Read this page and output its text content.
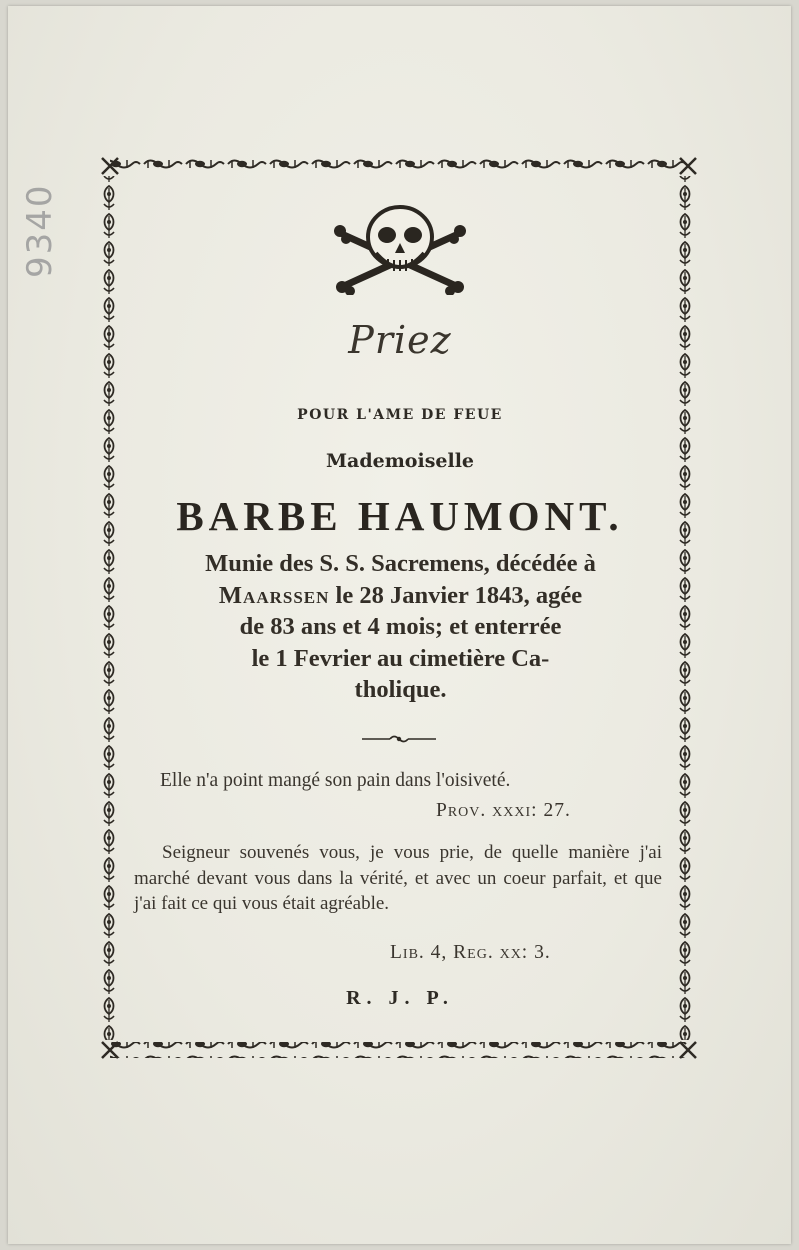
9340
Priez
POUR L'AME DE FEUE
Mademoiselle
BARBE HAUMONT.
Munie des S. S. Sacremens, décédée à
Maarssen le 28 Janvier 1843, agée
de 83 ans et 4 mois; et enterrée
le 1 Fevrier au cimetière Ca-
tholique.
Elle n'a point mangé son pain dans l'oisiveté.
Prov. xxxi: 27.
Seigneur souvenés vous, je vous prie, de quelle manière j'ai marché devant vous dans la vérité, et avec un coeur parfait, et que j'ai fait ce qui vous était agréable.
Lib. 4, Reg. xx: 3.
R. J. P.
